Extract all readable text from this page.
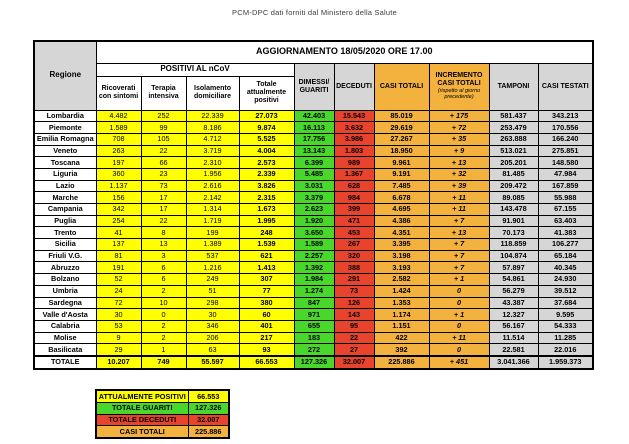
PCM-DPC dati forniti dal Ministero della Salute
Regione	AGGIORNAMENTO 18/05/2020 ORE 17.00									
	POSITIVI AL nCoV				DIMESSI/ GUARITI	DECEDUTI	CASI TOTALI	INCREMENTO CASI TOTALI
(rispetto al giorno precedente)	TAMPONI	CASI TESTATI
	Ricoverati con sintomi	Terapia intensiva	Isolamento domiciliare	Totale attualmente positivi						
Lombardia	4.482	252	22.339	27.073	42.403	15.543	85.019	+ 175	581.437	343.213
Piemonte	1.589	99	8.186	9.874	16.113	3.632	29.619	+ 72	253.479	170.556
Emilia Romagna	708	105	4.712	5.525	17.756	3.986	27.267	+ 35	263.888	166.240
Veneto	263	22	3.719	4.004	13.143	1.803	18.950	+ 9	513.021	275.851
Toscana	197	66	2.310	2.573	6.399	989	9.961	+ 13	205.201	148.580
Liguria	360	23	1.956	2.339	5.485	1.367	9.191	+ 32	81.485	47.984
Lazio	1.137	73	2.616	3.826	3.031	628	7.485	+ 39	209.472	167.859
Marche	156	17	2.142	2.315	3.379	984	6.678	+ 11	89.085	55.988
Campania	342	17	1.314	1.673	2.623	399	4.695	+ 11	143.478	67.155
Puglia	254	22	1.719	1.995	1.920	471	4.386	+ 7	91.901	63.403
Trento	41	8	199	248	3.650	453	4.351	+ 13	70.173	41.383
Sicilia	137	13	1.389	1.539	1.589	267	3.395	+ 7	118.859	106.277
Friuli V.G.	81	3	537	621	2.257	320	3.198	+ 7	104.874	65.184
Abruzzo	191	6	1.216	1.413	1.392	388	3.193	+ 7	57.897	40.345
Bolzano	52	6	249	307	1.984	291	2.582	+ 1	54.861	24.930
Umbria	24	2	51	77	1.274	73	1.424	0	56.279	39.512
Sardegna	72	10	298	380	847	126	1.353	0	43.387	37.684
Valle d'Aosta	30	0	30	60	971	143	1.174	+ 1	12.327	9.595
Calabria	53	2	346	401	655	95	1.151	0	56.167	54.333
Molise	9	2	206	217	183	22	422	+ 11	11.514	11.285
Basilicata	29	1	63	93	272	27	392	0	22.581	22.016
TOTALE	10.207	749	55.597	66.553	127.326	32.007	225.886	+ 451	3.041.366	1.959.373
ATTUALMENTE POSITIVI	66.553
TOTALE GUARITI	127.326
TOTALE DECEDUTI	32.007
CASI TOTALI	225.886
